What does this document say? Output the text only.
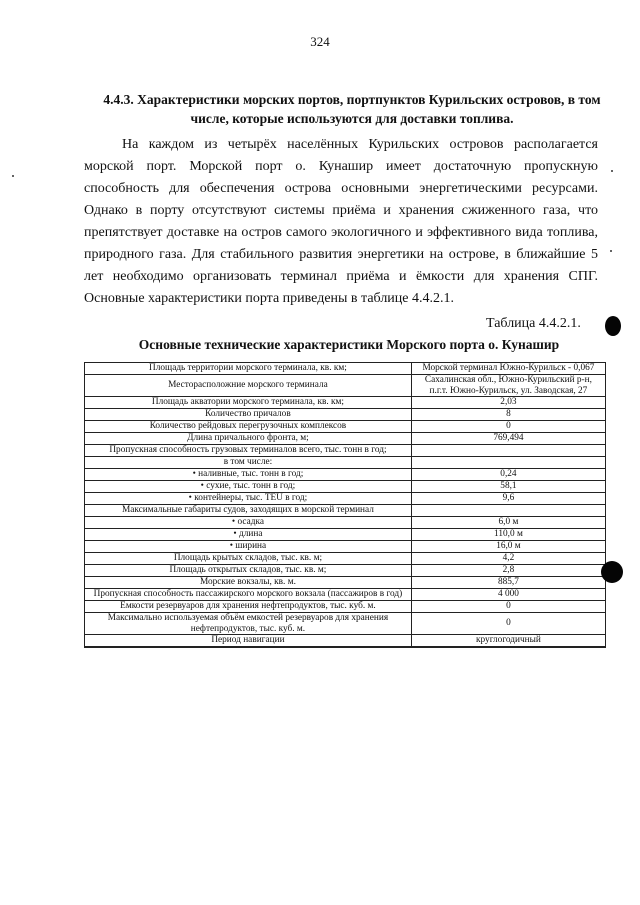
324
4.4.3. Характеристики морских портов, портпунктов Курильских островов, в том числе, которые используются для доставки топлива.

На каждом из четырёх населённых Курильских островов располагается морской порт. Морской порт о. Кунашир имеет достаточную пропускную способность для обеспечения острова основными энергетическими ресурсами. Однако в порту отсутствуют системы приёма и хранения сжиженного газа, что препятствует доставке на остров самого экологичного и эффективного вида топлива, природного газа. Для стабильного развития энергетики на острове, в ближайшие 5 лет необходимо организовать терминал приёма и ёмкости для хранения СПГ. Основные характеристики порта приведены в таблице 4.4.2.1.

Таблица 4.4.2.1.
Основные технические характеристики Морского порта о. Кунашир
Площадь территории морского терминала, кв. км;	Морской терминал Южно-Курильск - 0,067
Месторасположние морского терминала	Сахалинская обл., Южно-Курильский р-н, п.г.т. Южно-Курильск, ул. Заводская, 27
Площадь акватории морского терминала, кв. км;	2,03
Количество причалов	8
Количество рейдовых перегрузочных комплексов	0
Длина причального фронта, м;	769,494
Пропускная способность грузовых терминалов всего, тыс. тонн в год;	
в том числе:	
• наливные, тыс. тонн в год;	0,24
• сухие, тыс. тонн в год;	58,1
• контейнеры, тыс. TEU в год;	9,6
Максимальные габариты судов, заходящих в морской терминал	
• осадка	6,0 м
• длина	110,0 м
• ширина	16,0 м
Площадь крытых складов, тыс. кв. м;	4,2
Площадь открытых складов, тыс. кв. м;	2,8
Морские вокзалы, кв. м.	885,7
Пропускная способность пассажирского морского вокзала (пассажиров в год)	4 000
Емкости резервуаров для хранения нефтепродуктов, тыс. куб. м.	0
Максимально используемая объём емкостей резервуаров для хранения нефтепродуктов, тыс. куб. м.	0
Период навигации	круглогодичный
